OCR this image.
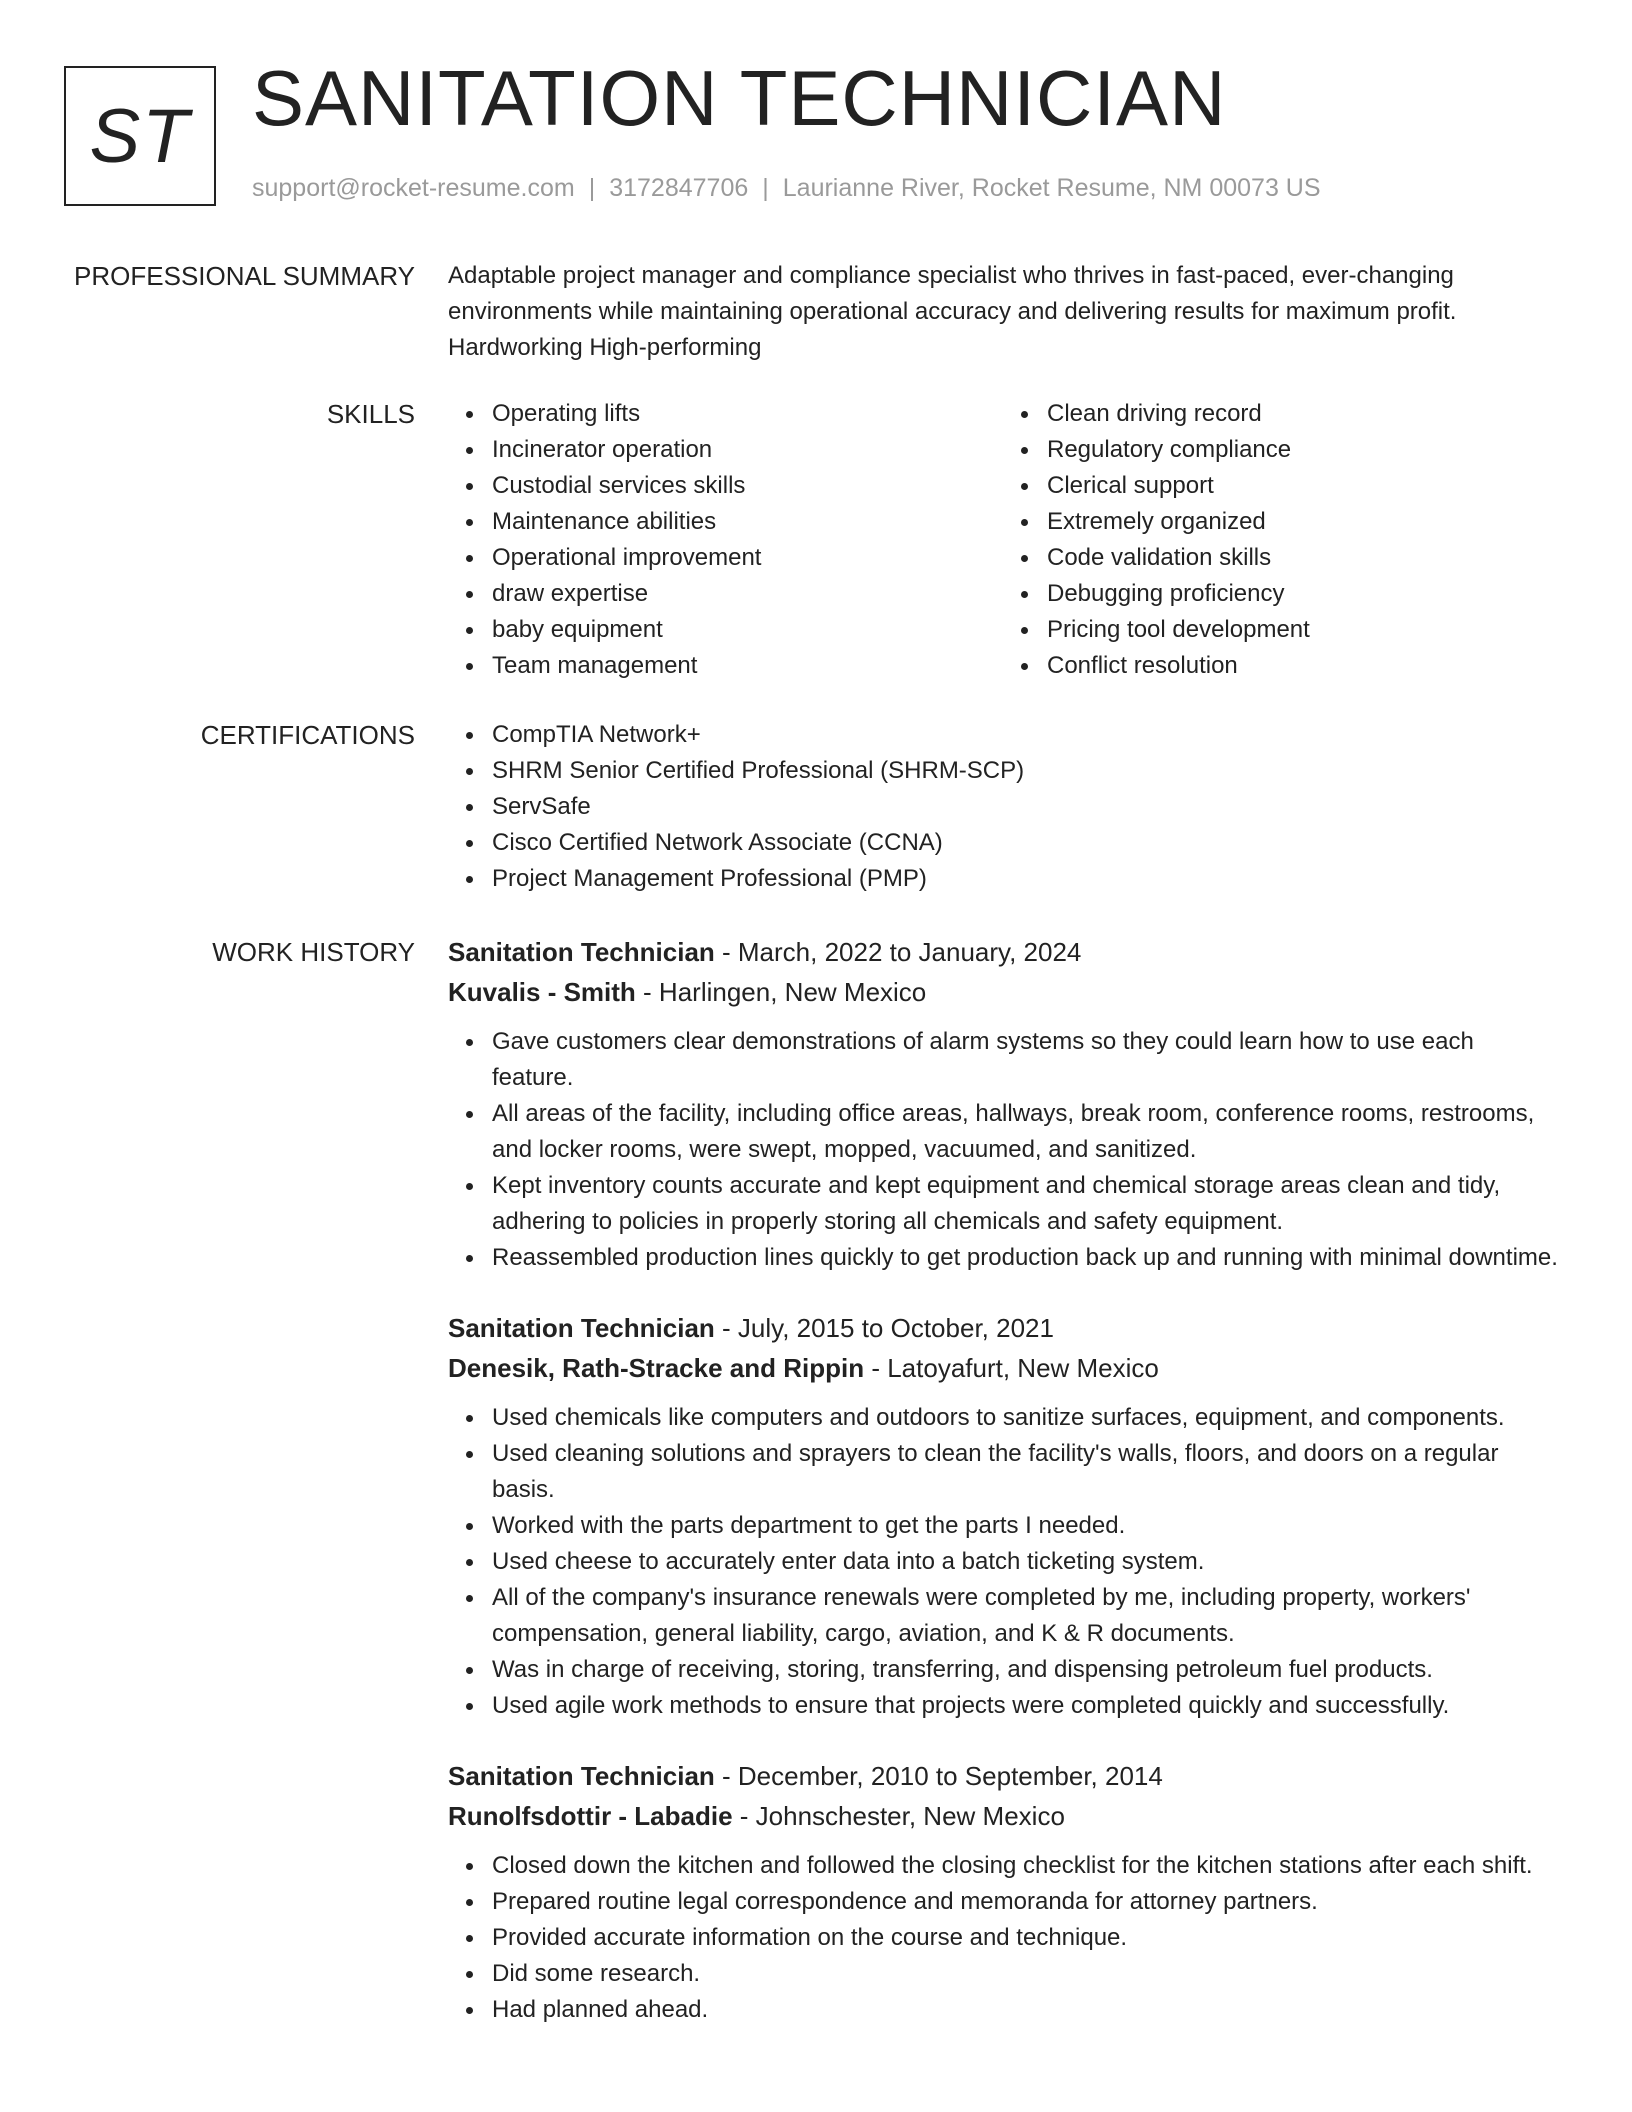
ST SANITATION TECHNICIAN
support@rocket-resume.com | 3172847706 | Laurianne River, Rocket Resume, NM 00073 US
PROFESSIONAL SUMMARY Adaptable project manager and compliance specialist who thrives in fast-paced, ever-changing environments while maintaining operational accuracy and delivering results for maximum profit. Hardworking High-performing
SKILLS	Operating lifts
Incinerator operation
Custodial services skills
Maintenance abilities
Operational improvement
draw expertise
baby equipment
Team management
Clean driving record
Regulatory compliance
Clerical support
Extremely organized
Code validation skills
Debugging proficiency
Pricing tool development
Conflict resolution
CERTIFICATIONS	CompTIA Network+
SHRM Senior Certified Professional (SHRM-SCP)
ServSafe
Cisco Certified Network Associate (CCNA)
Project Management Professional (PMP)
WORK HISTORY Sanitation Technician - March, 2022 to January, 2024
Kuvalis - Smith - Harlingen, New Mexico
Gave customers clear demonstrations of alarm systems so they could learn how to use each feature.
All areas of the facility, including office areas, hallways, break room, conference rooms, restrooms, and locker rooms, were swept, mopped, vacuumed, and sanitized.
Kept inventory counts accurate and kept equipment and chemical storage areas clean and tidy, adhering to policies in properly storing all chemicals and safety equipment.
Reassembled production lines quickly to get production back up and running with minimal downtime.
Sanitation Technician - July, 2015 to October, 2021
Denesik, Rath-Stracke and Rippin - Latoyafurt, New Mexico
Used chemicals like computers and outdoors to sanitize surfaces, equipment, and components.
Used cleaning solutions and sprayers to clean the facility's walls, floors, and doors on a regular basis.
Worked with the parts department to get the parts I needed.
Used cheese to accurately enter data into a batch ticketing system.
All of the company's insurance renewals were completed by me, including property, workers' compensation, general liability, cargo, aviation, and K & R documents.
Was in charge of receiving, storing, transferring, and dispensing petroleum fuel products.
Used agile work methods to ensure that projects were completed quickly and successfully.
Sanitation Technician - December, 2010 to September, 2014
Runolfsdottir - Labadie - Johnschester, New Mexico
Closed down the kitchen and followed the closing checklist for the kitchen stations after each shift.
Prepared routine legal correspondence and memoranda for attorney partners.
Provided accurate information on the course and technique.
Did some research.
Had planned ahead.
